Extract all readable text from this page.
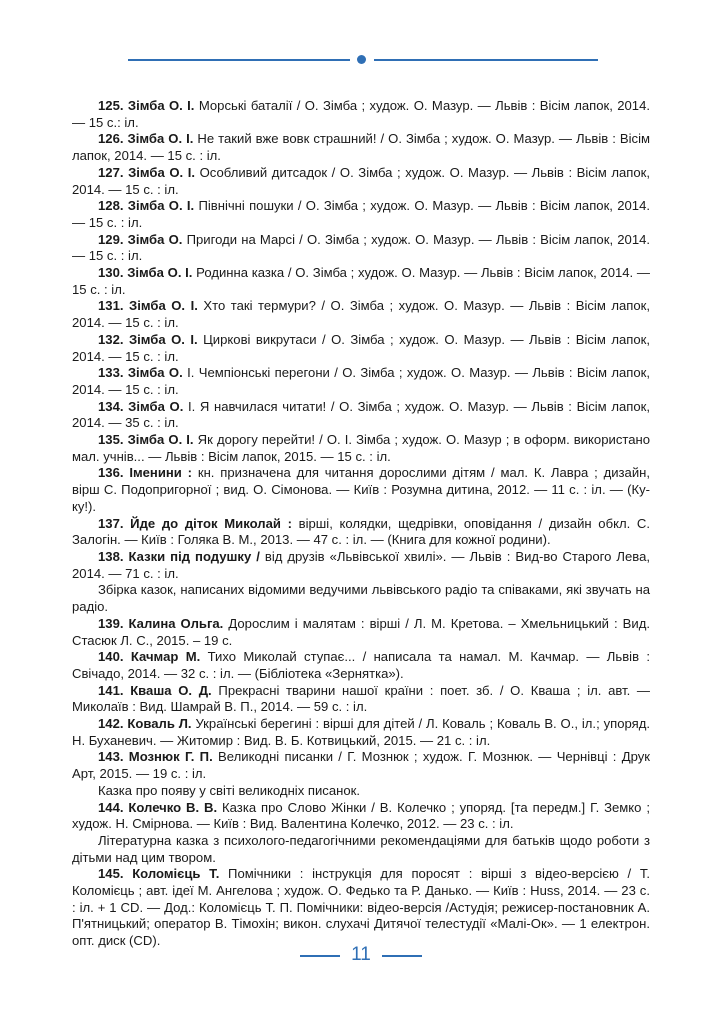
125. Зімба О. І. Морські баталії / О. Зімба ; худож. О. Мазур. — Львів : Вісім лапок, 2014. — 15 с.: іл.

126. Зімба О. І. Не такий вже вовк страшний! / О. Зімба ; худож. О. Мазур. — Львів : Вісім лапок, 2014. — 15 с. : іл.

127. Зімба О. І. Особливий дитсадок / О. Зімба ; худож. О. Мазур. — Львів : Вісім лапок, 2014. — 15 с. : іл.

128. Зімба О. І. Північні пошуки / О. Зімба ; худож. О. Мазур. — Львів : Вісім лапок, 2014. — 15 с. : іл.

129. Зімба О. Пригоди на Марсі / О. Зімба ; худож. О. Мазур. — Львів : Вісім лапок, 2014. — 15 с. : іл.

130. Зімба О. І. Родинна казка / О. Зімба ; худож. О. Мазур. — Львів : Вісім лапок, 2014. — 15 с. : іл.

131. Зімба О. І. Хто такі термури? / О. Зімба ; худож. О. Мазур. — Львів : Вісім лапок, 2014. — 15 с. : іл.

132. Зімба О. І. Циркові викрутаси / О. Зімба ; худож. О. Мазур. — Львів : Вісім лапок, 2014. — 15 с. : іл.

133. Зімба О. І. Чемпіонські перегони / О. Зімба ; худож. О. Мазур. — Львів : Вісім лапок, 2014. — 15 с. : іл.

134. Зімба О. І. Я навчилася читати! / О. Зімба ; худож. О. Мазур. — Львів : Вісім лапок, 2014. — 35 с. : іл.

135. Зімба О. І. Як дорогу перейти! / О. І. Зімба ; худож. О. Мазур ; в оформ. використано мал. учнів... — Львів : Вісім лапок, 2015. — 15 с. : іл.

136. Іменини : кн. призначена для читання дорослими дітям / мал. К. Лавра ; дизайн, вірш С. Подопригорної ; вид. О. Сімонова. — Київ : Розумна дитина, 2012. — 11 с. : іл. — (Ку-ку!).

137. Йде до діток Миколай : вірші, колядки, щедрівки, оповідання / дизайн обкл. С. Залогін. — Київ : Голяка В. М., 2013. — 47 с. : іл. — (Книга для кожної родини).

138. Казки під подушку / від друзів «Львівської хвилі». — Львів : Вид-во Старого Лева, 2014. — 71 с. : іл.

Збірка казок, написаних відомими ведучими львівського радіо та співаками, які звучать на радіо.

139. Калина Ольга. Дорослим і малятам : вірші / Л. М. Кретова. – Хмельницький : Вид. Стасюк Л. С., 2015. – 19 с.

140. Качмар М. Тихо Миколай ступає... / написала та намал. М. Качмар. — Львів : Свічадо, 2014. — 32 с. : іл. — (Бібліотека «Зернятка»).

141. Кваша О. Д. Прекрасні тварини нашої країни : поет. зб. / О. Кваша ; іл. авт. — Миколаїв : Вид. Шамрай В. П., 2014. — 59 с. : іл.

142. Коваль Л. Українські берегині : вірші для дітей / Л. Коваль ; Коваль В. О., іл.; упоряд. Н. Буханевич. — Житомир : Вид. В. Б. Котвицький, 2015. — 21 с. : іл.

143. Мознюк Г. П. Великодні писанки / Г. Мознюк ; худож. Г. Мознюк. — Чернівці : Друк Арт, 2015. — 19 с. : іл.

Казка про появу у світі великодніх писанок.

144. Колечко В. В. Казка про Слово Жінки / В. Колечко ; упоряд. [та передм.] Г. Земко ; худож. Н. Смірнова. — Київ : Вид. Валентина Колечко, 2012. — 23 с. : іл.

Літературна казка з психолого-педагогічними рекомендаціями для батьків щодо роботи з дітьми над цим твором.

145. Коломієць Т. Помічники : інструкція для поросят : вірші з відео-версією / Т. Коломієць ; авт. ідеї М. Ангелова ; худож. О. Федько та Р. Данько. — Київ : Huss, 2014. — 23 с. : іл. + 1 CD. — Дод.: Коломієць Т. П. Помічники: відео-версія /Астудія; режисер-постановник А. П'ятницький; оператор В. Тімохін; викон. слухачі Дитячої телестудії «Малі-Ок». — 1 електрон. опт. диск (CD).

11
